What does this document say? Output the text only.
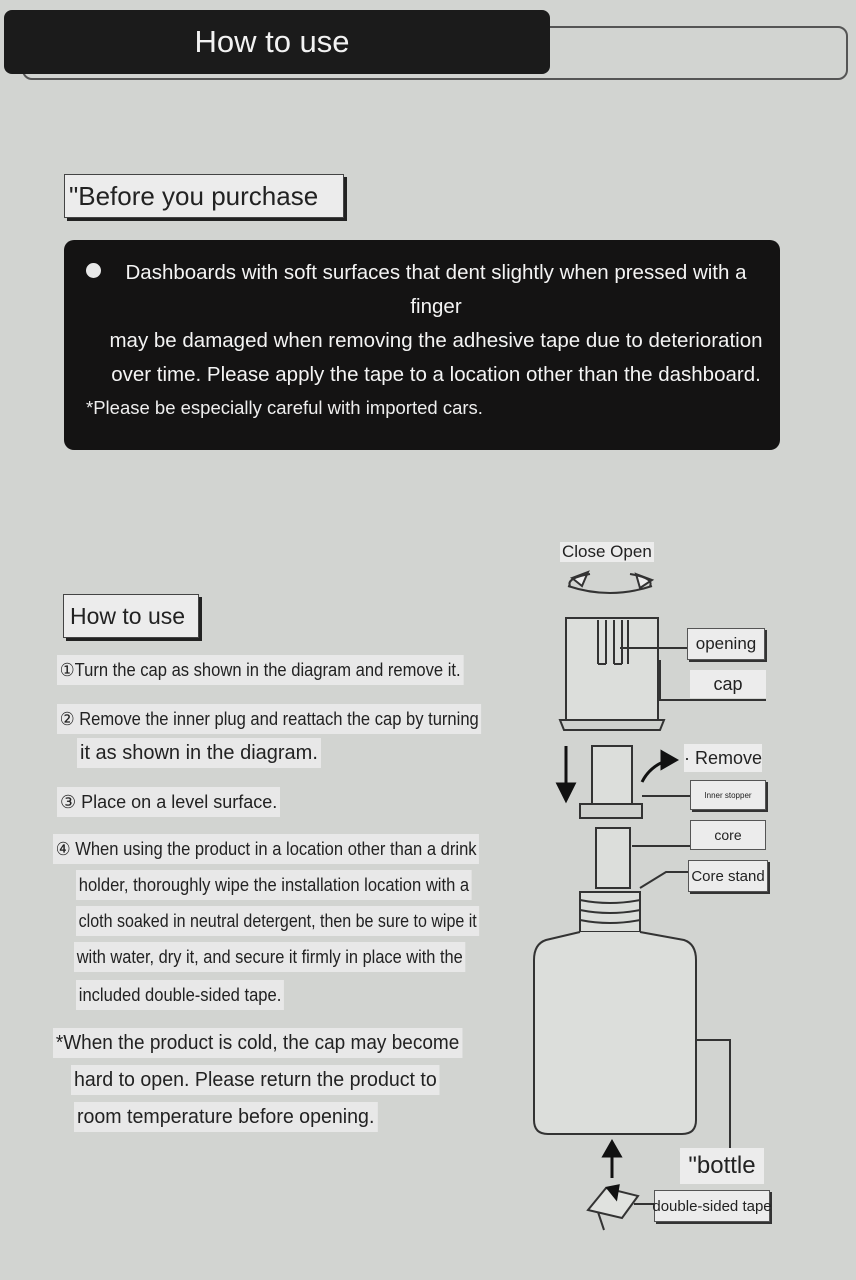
How to use
"Before you purchase
Dashboards with soft surfaces that dent slightly when pressed with a finger
may be damaged when removing the adhesive tape due to deterioration
over time. Please apply the tape to a location other than the dashboard.
*Please be especially careful with imported cars.
How to use
①Turn the cap as shown in the diagram and remove it.
② Remove the inner plug and reattach the cap by turning
it as shown in the diagram.
③ Place on a level surface.
④ When using the product in a location other than a drink
holder, thoroughly wipe the installation location with a
cloth soaked in neutral detergent, then be sure to wipe it
with water, dry it, and secure it firmly in place with the
included double-sided tape.
*When the product is cold, the cap may become
hard to open. Please return the product to
room temperature before opening.
Close Open
opening
cap
· Remove
Inner stopper
core
Core stand
"bottle
double-sided tape
